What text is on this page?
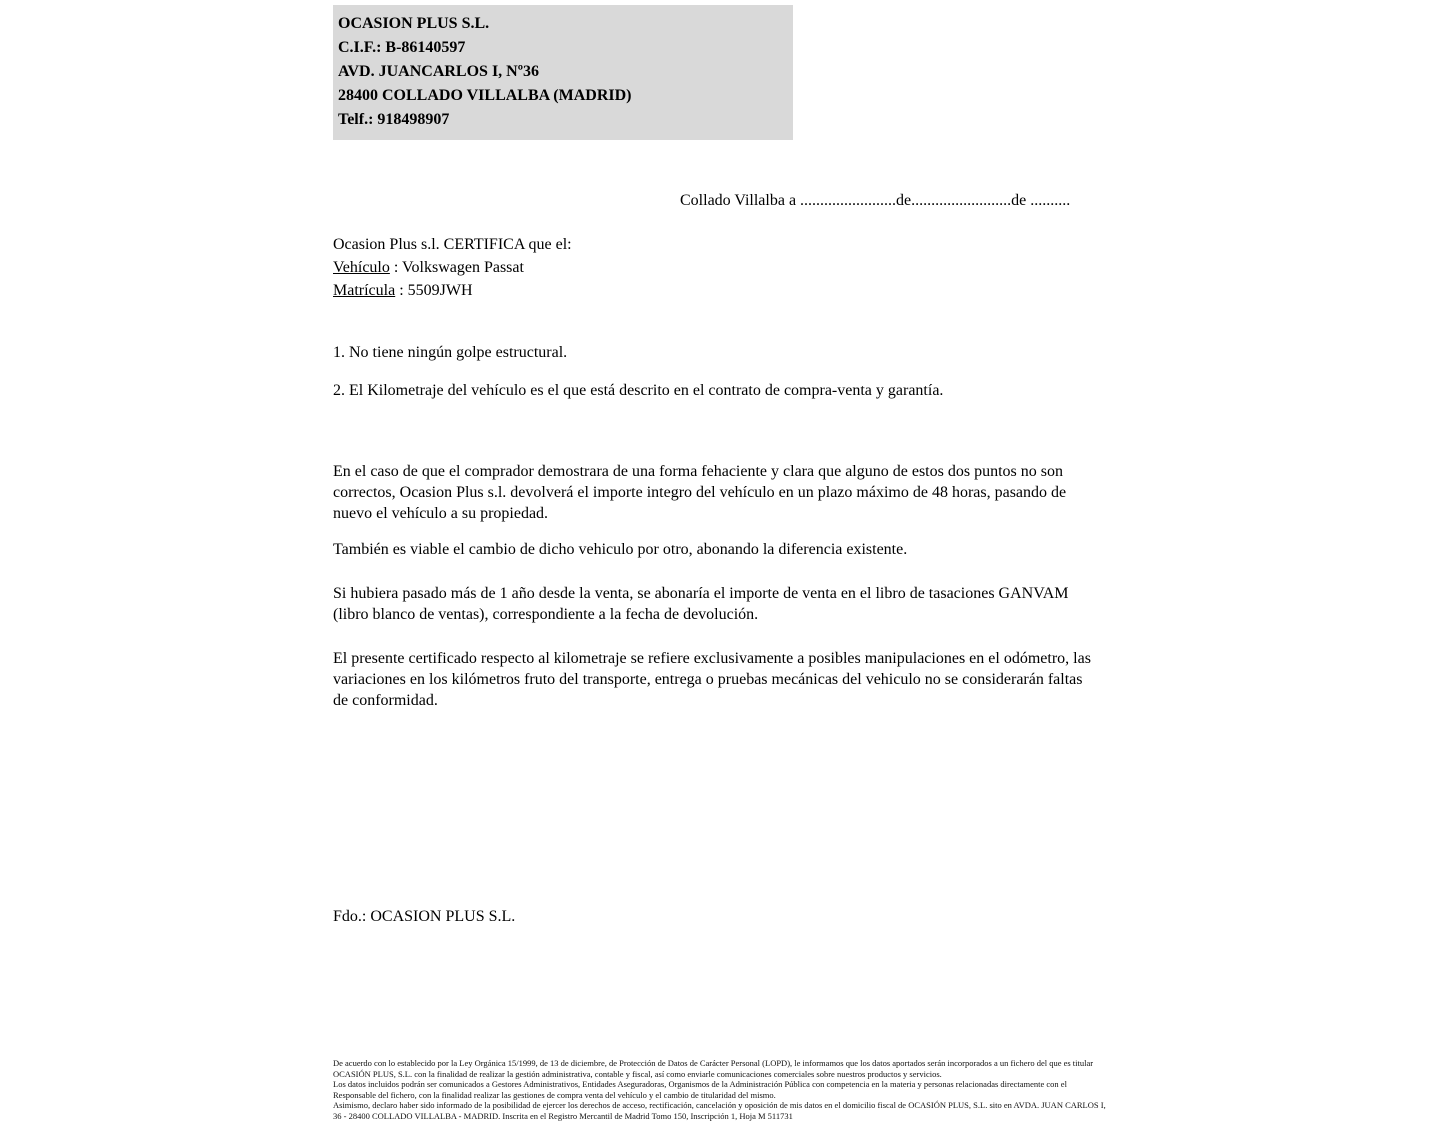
OCASION PLUS S.L.
C.I.F.: B-86140597
AVD. JUANCARLOS I, Nº36
28400 COLLADO VILLALBA (MADRID)
Telf.: 918498907
Collado Villalba a ........................de.........................de ..........
Ocasion Plus s.l. CERTIFICA que el:
Vehículo : Volkswagen Passat
Matrícula : 5509JWH
1. No tiene ningún golpe estructural.
2. El Kilometraje del vehículo es el que está descrito en el contrato de compra-venta y garantía.

En el caso de que el comprador demostrara de una forma fehaciente y clara que alguno de estos dos puntos no son correctos, Ocasion Plus s.l. devolverá el importe integro del vehículo en un plazo máximo de 48 horas, pasando de nuevo el vehículo a su propiedad.

También es viable el cambio de dicho vehiculo por otro, abonando la diferencia existente.

Si hubiera pasado más de 1 año desde la venta, se abonaría el importe de venta en el libro de tasaciones GANVAM (libro blanco de ventas), correspondiente a la fecha de devolución.

El presente certificado respecto al kilometraje se refiere exclusivamente a posibles manipulaciones en el odómetro, las variaciones en los kilómetros fruto del transporte, entrega o pruebas mecánicas del vehiculo no se considerarán faltas de conformidad.

Fdo.: OCASION PLUS S.L.

De acuerdo con lo establecido por la Ley Orgánica 15/1999, de 13 de diciembre, de Protección de Datos de Carácter Personal (LOPD), le informamos que los datos aportados serán incorporados a un fichero del que es titular OCASIÓN PLUS, S.L. con la finalidad de realizar la gestión administrativa, contable y fiscal, así como enviarle comunicaciones comerciales sobre nuestros productos y servicios.

Los datos incluidos podrán ser comunicados a Gestores Administrativos, Entidades Aseguradoras, Organismos de la Administración Pública con competencia en la materia y personas relacionadas directamente con el Responsable del fichero, con la finalidad realizar las gestiones de compra venta del vehículo y el cambio de titularidad del mismo.

Asimismo, declaro haber sido informado de la posibilidad de ejercer los derechos de acceso, rectificación, cancelación y oposición de mis datos en el domicilio fiscal de OCASIÓN PLUS, S.L. sito en AVDA. JUAN CARLOS I, 36 - 28400 COLLADO VILLALBA - MADRID. Inscrita en el Registro Mercantil de Madrid Tomo 150, Inscripción 1, Hoja M 511731
